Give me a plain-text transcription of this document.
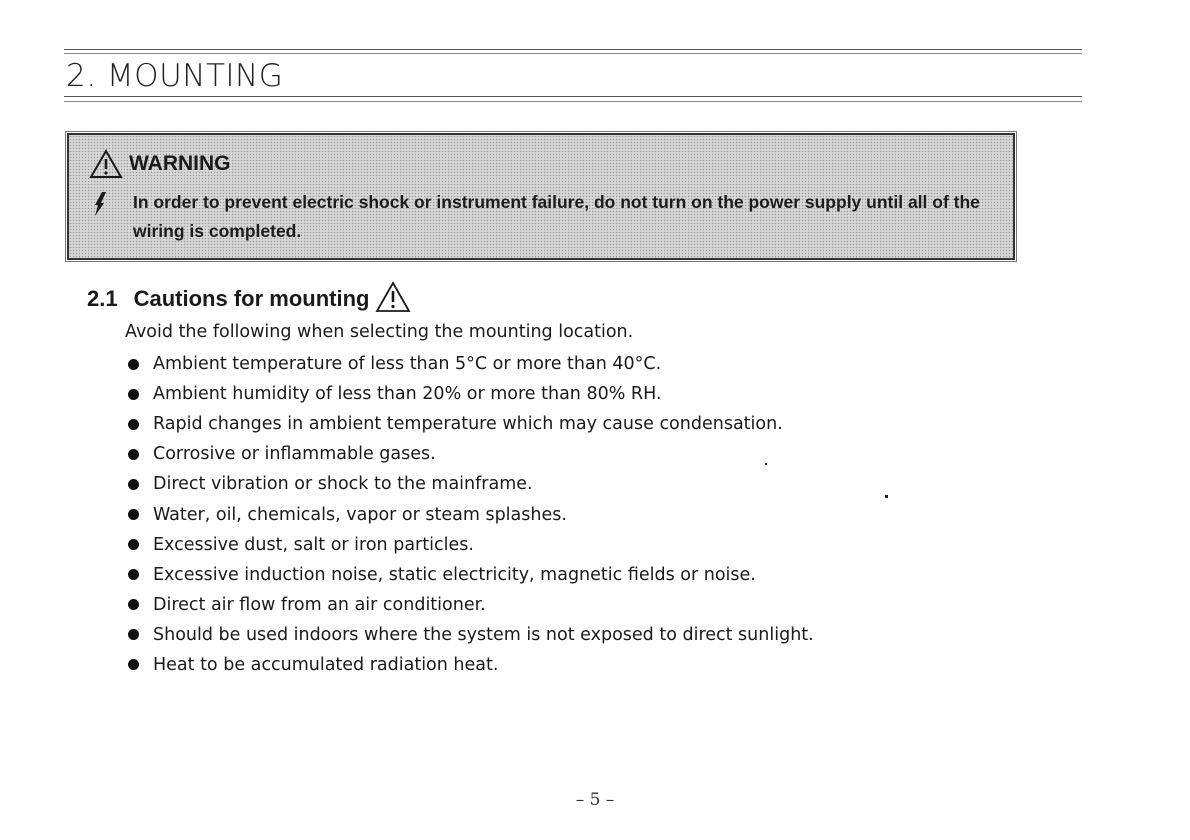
2. MOUNTING
WARNING

In order to prevent electric shock or instrument failure, do not turn on the power supply until all of the wiring is completed.

2.1 Cautions for mounting

Avoid the following when selecting the mounting location.

Ambient temperature of less than 5°C or more than 40°C.
Ambient humidity of less than 20% or more than 80% RH.
Rapid changes in ambient temperature which may cause condensation.
Corrosive or inflammable gases.
Direct vibration or shock to the mainframe.
Water, oil, chemicals, vapor or steam splashes.
Excessive dust, salt or iron particles.
Excessive induction noise, static electricity, magnetic fields or noise.
Direct air flow from an air conditioner.
Should be used indoors where the system is not exposed to direct sunlight.
Heat to be accumulated radiation heat.
– 5 –
